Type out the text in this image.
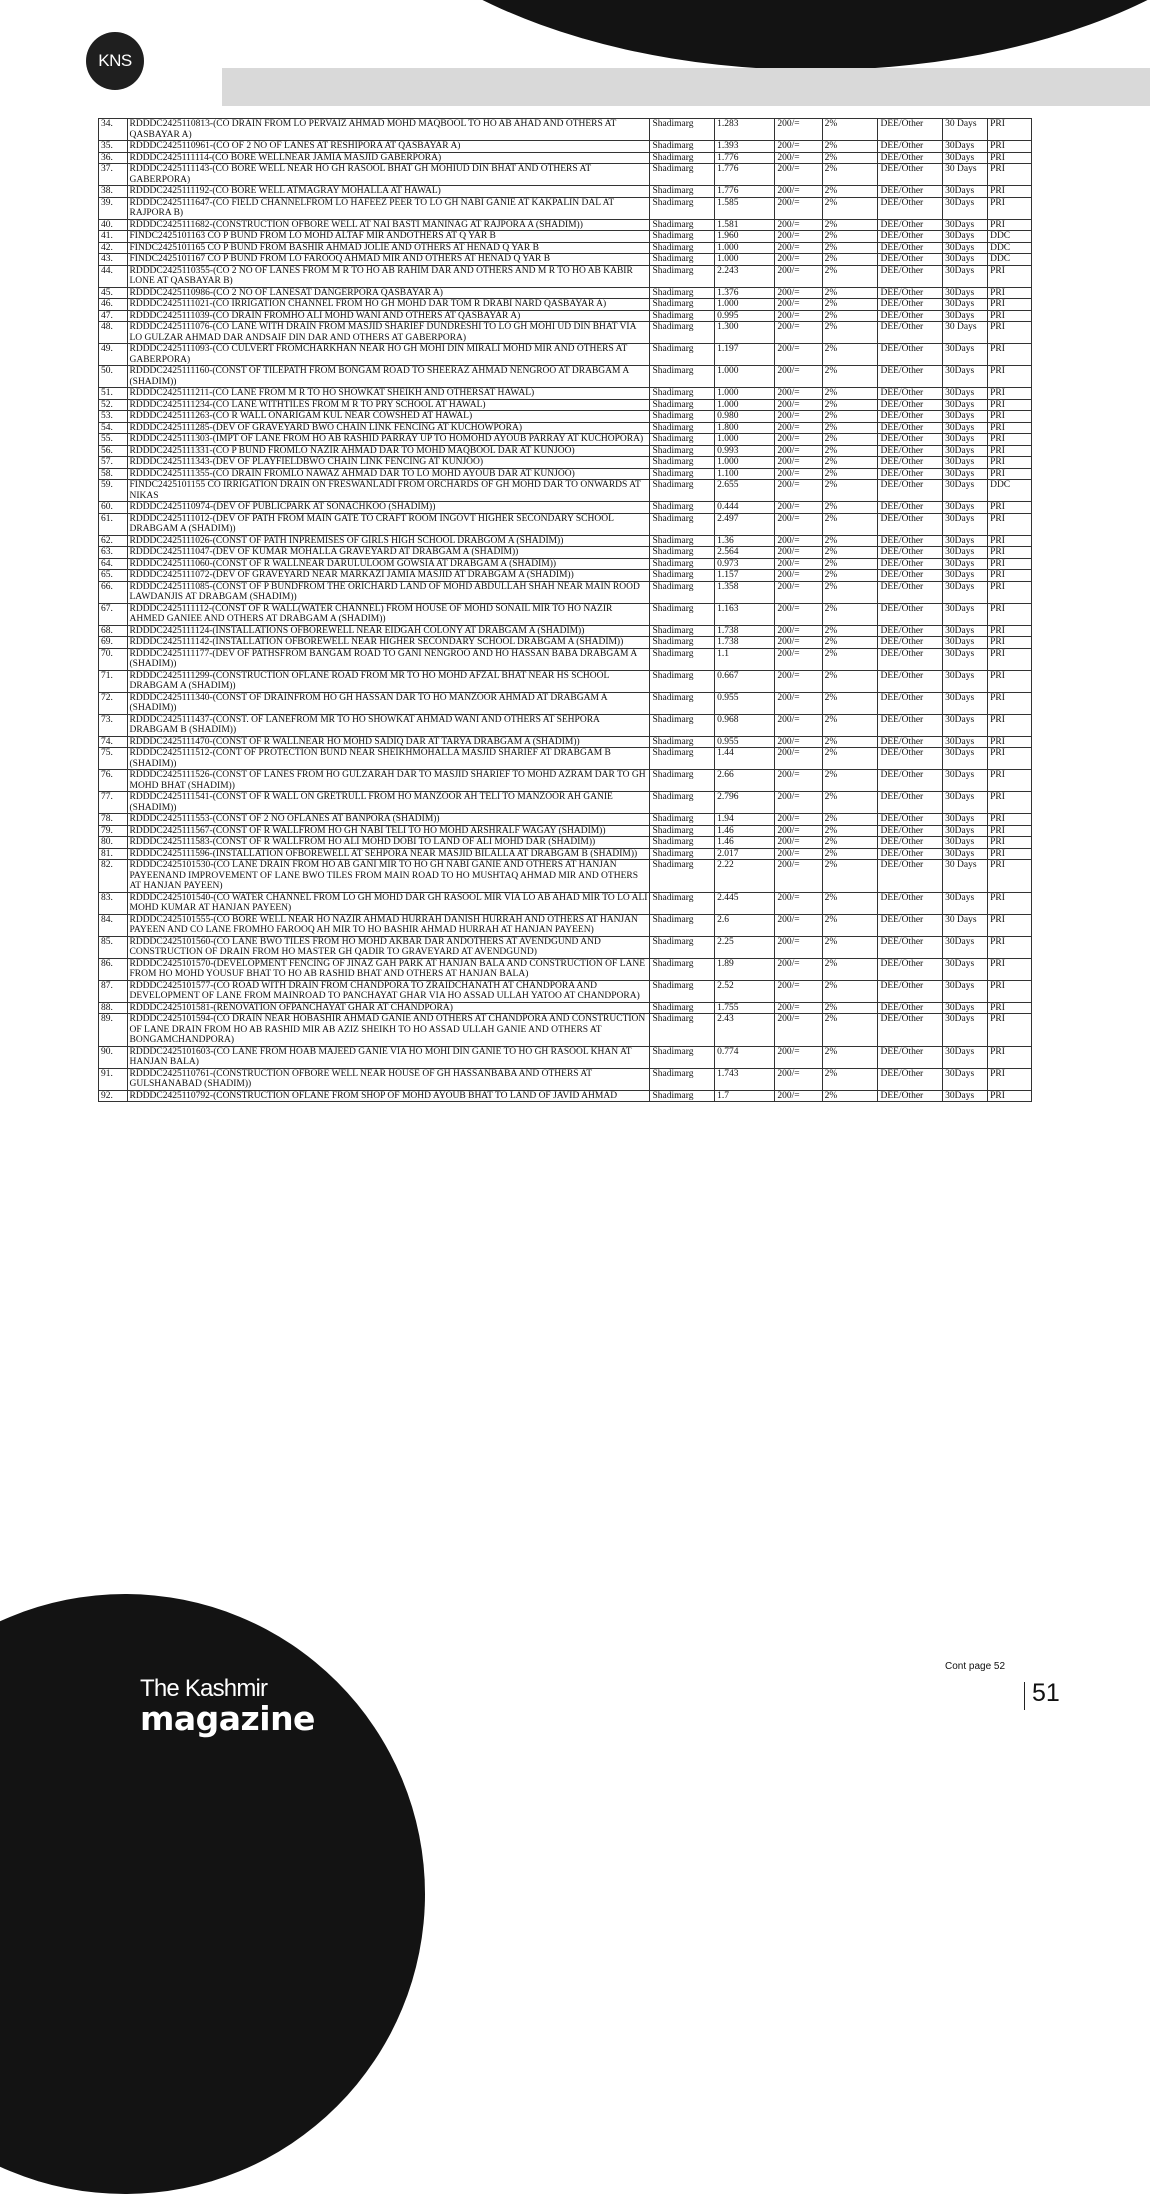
KNS
34.	RDDDC2425110813-(CO DRAIN FROM LO PERVAIZ AHMAD MOHD MAQBOOL TO HO AB AHAD AND OTHERS AT QASBAYAR A)	Shadimarg	1.283	200/=	2%	DEE/Other	30 Days	PRI
35.	RDDDC2425110961-(CO OF 2 NO OF LANES AT RESHIPORA AT QASBAYAR A)	Shadimarg	1.393	200/=	2%	DEE/Other	30Days	PRI
36.	RDDDC2425111114-(CO BORE WELLNEAR JAMIA MASJID GABERPORA)	Shadimarg	1.776	200/=	2%	DEE/Other	30Days	PRI
37.	RDDDC2425111143-(CO BORE WELL NEAR HO GH RASOOL BHAT GH MOHIUD DIN BHAT AND OTHERS AT GABERPORA)	Shadimarg	1.776	200/=	2%	DEE/Other	30 Days	PRI
38.	RDDDC2425111192-(CO BORE WELL ATMAGRAY MOHALLA AT HAWAL)	Shadimarg	1.776	200/=	2%	DEE/Other	30Days	PRI
39.	RDDDC2425111647-(CO FIELD CHANNELFROM LO HAFEEZ PEER TO LO GH NABI GANIE AT KAKPALIN DAL AT RAJPORA B)	Shadimarg	1.585	200/=	2%	DEE/Other	30Days	PRI
40.	RDDDC2425111682-(CONSTRUCTION OFBORE WELL AT NAI BASTI MANINAG AT RAJPORA A (SHADIM))	Shadimarg	1.581	200/=	2%	DEE/Other	30Days	PRI
41.	FINDC2425101163 CO P BUND FROM LO MOHD ALTAF MIR ANDOTHERS AT Q YAR B	Shadimarg	1.960	200/=	2%	DEE/Other	30Days	DDC
42.	FINDC2425101165 CO P BUND FROM BASHIR AHMAD JOLIE AND OTHERS AT HENAD Q YAR B	Shadimarg	1.000	200/=	2%	DEE/Other	30Days	DDC
43.	FINDC2425101167 CO P BUND FROM LO FAROOQ AHMAD MIR AND OTHERS AT HENAD Q YAR B	Shadimarg	1.000	200/=	2%	DEE/Other	30Days	DDC
44.	RDDDC2425110355-(CO 2 NO OF LANES FROM M R TO HO AB RAHIM DAR AND OTHERS AND M R TO HO AB KABIR LONE AT QASBAYAR B)	Shadimarg	2.243	200/=	2%	DEE/Other	30Days	PRI
45.	RDDDC2425110986-(CO 2 NO OF LANESAT DANGERPORA QASBAYAR A)	Shadimarg	1.376	200/=	2%	DEE/Other	30Days	PRI
46.	RDDDC2425111021-(CO IRRIGATION CHANNEL FROM HO GH MOHD DAR TOM R DRABI NARD QASBAYAR A)	Shadimarg	1.000	200/=	2%	DEE/Other	30Days	PRI
47.	RDDDC2425111039-(CO DRAIN FROMHO ALI MOHD WANI AND OTHERS AT QASBAYAR A)	Shadimarg	0.995	200/=	2%	DEE/Other	30Days	PRI
48.	RDDDC2425111076-(CO LANE WITH DRAIN FROM MASJID SHARIEF DUNDRESHI TO LO GH MOHI UD DIN BHAT VIA LO GULZAR AHMAD DAR ANDSAIF DIN DAR AND OTHERS AT GABERPORA)	Shadimarg	1.300	200/=	2%	DEE/Other	30 Days	PRI
49.	RDDDC2425111093-(CO CULVERT FROMCHARKHAN NEAR HO GH MOHI DIN MIRALI MOHD MIR AND OTHERS AT GABERPORA)	Shadimarg	1.197	200/=	2%	DEE/Other	30Days	PRI
50.	RDDDC2425111160-(CONST OF TILEPATH FROM BONGAM ROAD TO SHEERAZ AHMAD NENGROO AT DRABGAM A (SHADIM))	Shadimarg	1.000	200/=	2%	DEE/Other	30Days	PRI
51.	RDDDC2425111211-(CO LANE FROM M R TO HO SHOWKAT SHEIKH AND OTHERSAT HAWAL)	Shadimarg	1.000	200/=	2%	DEE/Other	30Days	PRI
52.	RDDDC2425111234-(CO LANE WITHTILES FROM M R TO PRY SCHOOL AT HAWAL)	Shadimarg	1.000	200/=	2%	DEE/Other	30Days	PRI
53.	RDDDC2425111263-(CO R WALL ONARIGAM KUL NEAR COWSHED AT HAWAL)	Shadimarg	0.980	200/=	2%	DEE/Other	30Days	PRI
54.	RDDDC2425111285-(DEV OF GRAVEYARD BWO CHAIN LINK FENCING AT KUCHOWPORA)	Shadimarg	1.800	200/=	2%	DEE/Other	30Days	PRI
55.	RDDDC2425111303-(IMPT OF LANE FROM HO AB RASHID PARRAY UP TO HOMOHD AYOUB PARRAY AT KUCHOPORA)	Shadimarg	1.000	200/=	2%	DEE/Other	30Days	PRI
56.	RDDDC2425111331-(CO P BUND FROMLO NAZIR AHMAD DAR TO MOHD MAQBOOL DAR AT KUNJOO)	Shadimarg	0.993	200/=	2%	DEE/Other	30Days	PRI
57.	RDDDC2425111343-(DEV OF PLAYFIELDBWO CHAIN LINK FENCING AT KUNJOO)	Shadimarg	1.000	200/=	2%	DEE/Other	30Days	PRI
58.	RDDDC2425111355-(CO DRAIN FROMLO NAWAZ AHMAD DAR TO LO MOHD AYOUB DAR AT KUNJOO)	Shadimarg	1.100	200/=	2%	DEE/Other	30Days	PRI
59.	FINDC2425101155 CO IRRIGATION DRAIN ON FRESWANLADI FROM ORCHARDS OF GH MOHD DAR TO ONWARDS AT NIKAS	Shadimarg	2.655	200/=	2%	DEE/Other	30Days	DDC
60.	RDDDC2425110974-(DEV OF PUBLICPARK AT SONACHKOO (SHADIM))	Shadimarg	0.444	200/=	2%	DEE/Other	30Days	PRI
61.	RDDDC2425111012-(DEV OF PATH FROM MAIN GATE TO CRAFT ROOM INGOVT HIGHER SECONDARY SCHOOL DRABGAM A (SHADIM))	Shadimarg	2.497	200/=	2%	DEE/Other	30Days	PRI
62.	RDDDC2425111026-(CONST OF PATH INPREMISES OF GIRLS HIGH SCHOOL DRABGOM A (SHADIM))	Shadimarg	1.36	200/=	2%	DEE/Other	30Days	PRI
63.	RDDDC2425111047-(DEV OF KUMAR MOHALLA GRAVEYARD AT DRABGAM A (SHADIM))	Shadimarg	2.564	200/=	2%	DEE/Other	30Days	PRI
64.	RDDDC2425111060-(CONST OF R WALLNEAR DARULULOOM GOWSIA AT DRABGAM A (SHADIM))	Shadimarg	0.973	200/=	2%	DEE/Other	30Days	PRI
65.	RDDDC2425111072-(DEV OF GRAVEYARD NEAR MARKAZI JAMIA MASJID AT DRABGAM A (SHADIM))	Shadimarg	1.157	200/=	2%	DEE/Other	30Days	PRI
66.	RDDDC2425111085-(CONST OF P BUNDFROM THE ORICHARD LAND OF MOHD ABDULLAH SHAH NEAR MAIN ROOD LAWDANJIS AT DRABGAM (SHADIM))	Shadimarg	1.358	200/=	2%	DEE/Other	30Days	PRI
67.	RDDDC2425111112-(CONST OF R WALL(WATER CHANNEL) FROM HOUSE OF MOHD SONAIL MIR TO HO NAZIR AHMED GANIEE AND OTHERS AT DRABGAM A (SHADIM))	Shadimarg	1.163	200/=	2%	DEE/Other	30Days	PRI
68.	RDDDC2425111124-(INSTALLATIONS OFBOREWELL NEAR EIDGAH COLONY AT DRABGAM A (SHADIM))	Shadimarg	1.738	200/=	2%	DEE/Other	30Days	PRI
69.	RDDDC2425111142-(INSTALLATION OFBOREWELL NEAR HIGHER SECONDARY SCHOOL DRABGAM A (SHADIM))	Shadimarg	1.738	200/=	2%	DEE/Other	30Days	PRI
70.	RDDDC2425111177-(DEV OF PATHSFROM BANGAM ROAD TO GANI NENGROO AND HO HASSAN BABA DRABGAM A (SHADIM))	Shadimarg	1.1	200/=	2%	DEE/Other	30Days	PRI
71.	RDDDC2425111299-(CONSTRUCTION OFLANE ROAD FROM MR TO HO MOHD AFZAL BHAT NEAR HS SCHOOL DRABGAM A (SHADIM))	Shadimarg	0.667	200/=	2%	DEE/Other	30Days	PRI
72.	RDDDC2425111340-(CONST OF DRAINFROM HO GH HASSAN DAR TO HO MANZOOR AHMAD AT DRABGAM A (SHADIM))	Shadimarg	0.955	200/=	2%	DEE/Other	30Days	PRI
73.	RDDDC2425111437-(CONST. OF LANEFROM MR TO HO SHOWKAT AHMAD WANI AND OTHERS AT SEHPORA DRABGAM B (SHADIM))	Shadimarg	0.968	200/=	2%	DEE/Other	30Days	PRI
74.	RDDDC2425111470-(CONST OF R WALLNEAR HO MOHD SADIQ DAR AT TARYA DRABGAM A (SHADIM))	Shadimarg	0.955	200/=	2%	DEE/Other	30Days	PRI
75.	RDDDC2425111512-(CONT OF PROTECTION BUND NEAR SHEIKHMOHALLA MASJID SHARIEF AT DRABGAM B (SHADIM))	Shadimarg	1.44	200/=	2%	DEE/Other	30Days	PRI
76.	RDDDC2425111526-(CONST OF LANES FROM HO GULZARAH DAR TO MASJID SHARIEF TO MOHD AZRAM DAR TO GH MOHD BHAT (SHADIM))	Shadimarg	2.66	200/=	2%	DEE/Other	30Days	PRI
77.	RDDDC2425111541-(CONST OF R WALL ON GRETRULL FROM HO MANZOOR AH TELI TO MANZOOR AH GANIE (SHADIM))	Shadimarg	2.796	200/=	2%	DEE/Other	30Days	PRI
78.	RDDDC2425111553-(CONST OF 2 NO OFLANES AT BANPORA (SHADIM))	Shadimarg	1.94	200/=	2%	DEE/Other	30Days	PRI
79.	RDDDC2425111567-(CONST OF R WALLFROM HO GH NABI TELI TO HO MOHD ARSHRALF WAGAY (SHADIM))	Shadimarg	1.46	200/=	2%	DEE/Other	30Days	PRI
80.	RDDDC2425111583-(CONST OF R WALLFROM HO ALI MOHD DOBI TO LAND OF ALI MOHD DAR (SHADIM))	Shadimarg	1.46	200/=	2%	DEE/Other	30Days	PRI
81.	RDDDC2425111596-(INSTALLATION OFBOREWELL AT SEHPORA NEAR MASJID BILALLA AT DRABGAM B (SHADIM))	Shadimarg	2.017	200/=	2%	DEE/Other	30Days	PRI
82.	RDDDC2425101530-(CO LANE DRAIN FROM HO AB GANI MIR TO HO GH NABI GANIE AND OTHERS AT HANJAN PAYEENAND IMPROVEMENT OF LANE BWO TILES FROM MAIN ROAD TO HO MUSHTAQ AHMAD MIR AND OTHERS AT HANJAN PAYEEN)	Shadimarg	2.22	200/=	2%	DEE/Other	30 Days	PRI
83.	RDDDC2425101540-(CO WATER CHANNEL FROM LO GH MOHD DAR GH RASOOL MIR VIA LO AB AHAD MIR TO LO ALI MOHD KUMAR AT HANJAN PAYEEN)	Shadimarg	2.445	200/=	2%	DEE/Other	30Days	PRI
84.	RDDDC2425101555-(CO BORE WELL NEAR HO NAZIR AHMAD HURRAH DANISH HURRAH AND OTHERS AT HANJAN PAYEEN AND CO LANE FROMHO FAROOQ AH MIR TO HO BASHIR AHMAD HURRAH AT HANJAN PAYEEN)	Shadimarg	2.6	200/=	2%	DEE/Other	30 Days	PRI
85.	RDDDC2425101560-(CO LANE BWO TILES FROM HO MOHD AKBAR DAR ANDOTHERS AT AVENDGUND AND CONSTRUCTION OF DRAIN FROM HO MASTER GH QADIR TO GRAVEYARD AT AVENDGUND)	Shadimarg	2.25	200/=	2%	DEE/Other	30Days	PRI
86.	RDDDC2425101570-(DEVELOPMENT FENCING OF JINAZ GAH PARK AT HANJAN BALA AND CONSTRUCTION OF LANE FROM HO MOHD YOUSUF BHAT TO HO AB RASHID BHAT AND OTHERS AT HANJAN BALA)	Shadimarg	1.89	200/=	2%	DEE/Other	30Days	PRI
87.	RDDDC2425101577-(CO ROAD WITH DRAIN FROM CHANDPORA TO ZRAIDCHANATH AT CHANDPORA AND DEVELOPMENT OF LANE FROM MAINROAD TO PANCHAYAT GHAR VIA HO ASSAD ULLAH YATOO AT CHANDPORA)	Shadimarg	2.52	200/=	2%	DEE/Other	30Days	PRI
88.	RDDDC2425101581-(RENOVATION OFPANCHAYAT GHAR AT CHANDPORA)	Shadimarg	1.755	200/=	2%	DEE/Other	30Days	PRI
89.	RDDDC2425101594-(CO DRAIN NEAR HOBASHIR AHMAD GANIE AND OTHERS AT CHANDPORA AND CONSTRUCTION OF LANE DRAIN FROM HO AB RASHID MIR AB AZIZ SHEIKH TO HO ASSAD ULLAH GANIE AND OTHERS AT BONGAMCHANDPORA)	Shadimarg	2.43	200/=	2%	DEE/Other	30Days	PRI
90.	RDDDC2425101603-(CO LANE FROM HOAB MAJEED GANIE VIA HO MOHI DIN GANIE TO HO GH RASOOL KHAN AT HANJAN BALA)	Shadimarg	0.774	200/=	2%	DEE/Other	30Days	PRI
91.	RDDDC2425110761-(CONSTRUCTION OFBORE WELL NEAR HOUSE OF GH HASSANBABA AND OTHERS AT GULSHANABAD (SHADIM))	Shadimarg	1.743	200/=	2%	DEE/Other	30Days	PRI
92.	RDDDC2425110792-(CONSTRUCTION OFLANE FROM SHOP OF MOHD AYOUB BHAT TO LAND OF JAVID AHMAD	Shadimarg	1.7	200/=	2%	DEE/Other	30Days	PRI
The Kashmir
magazine
Cont page 52
51
